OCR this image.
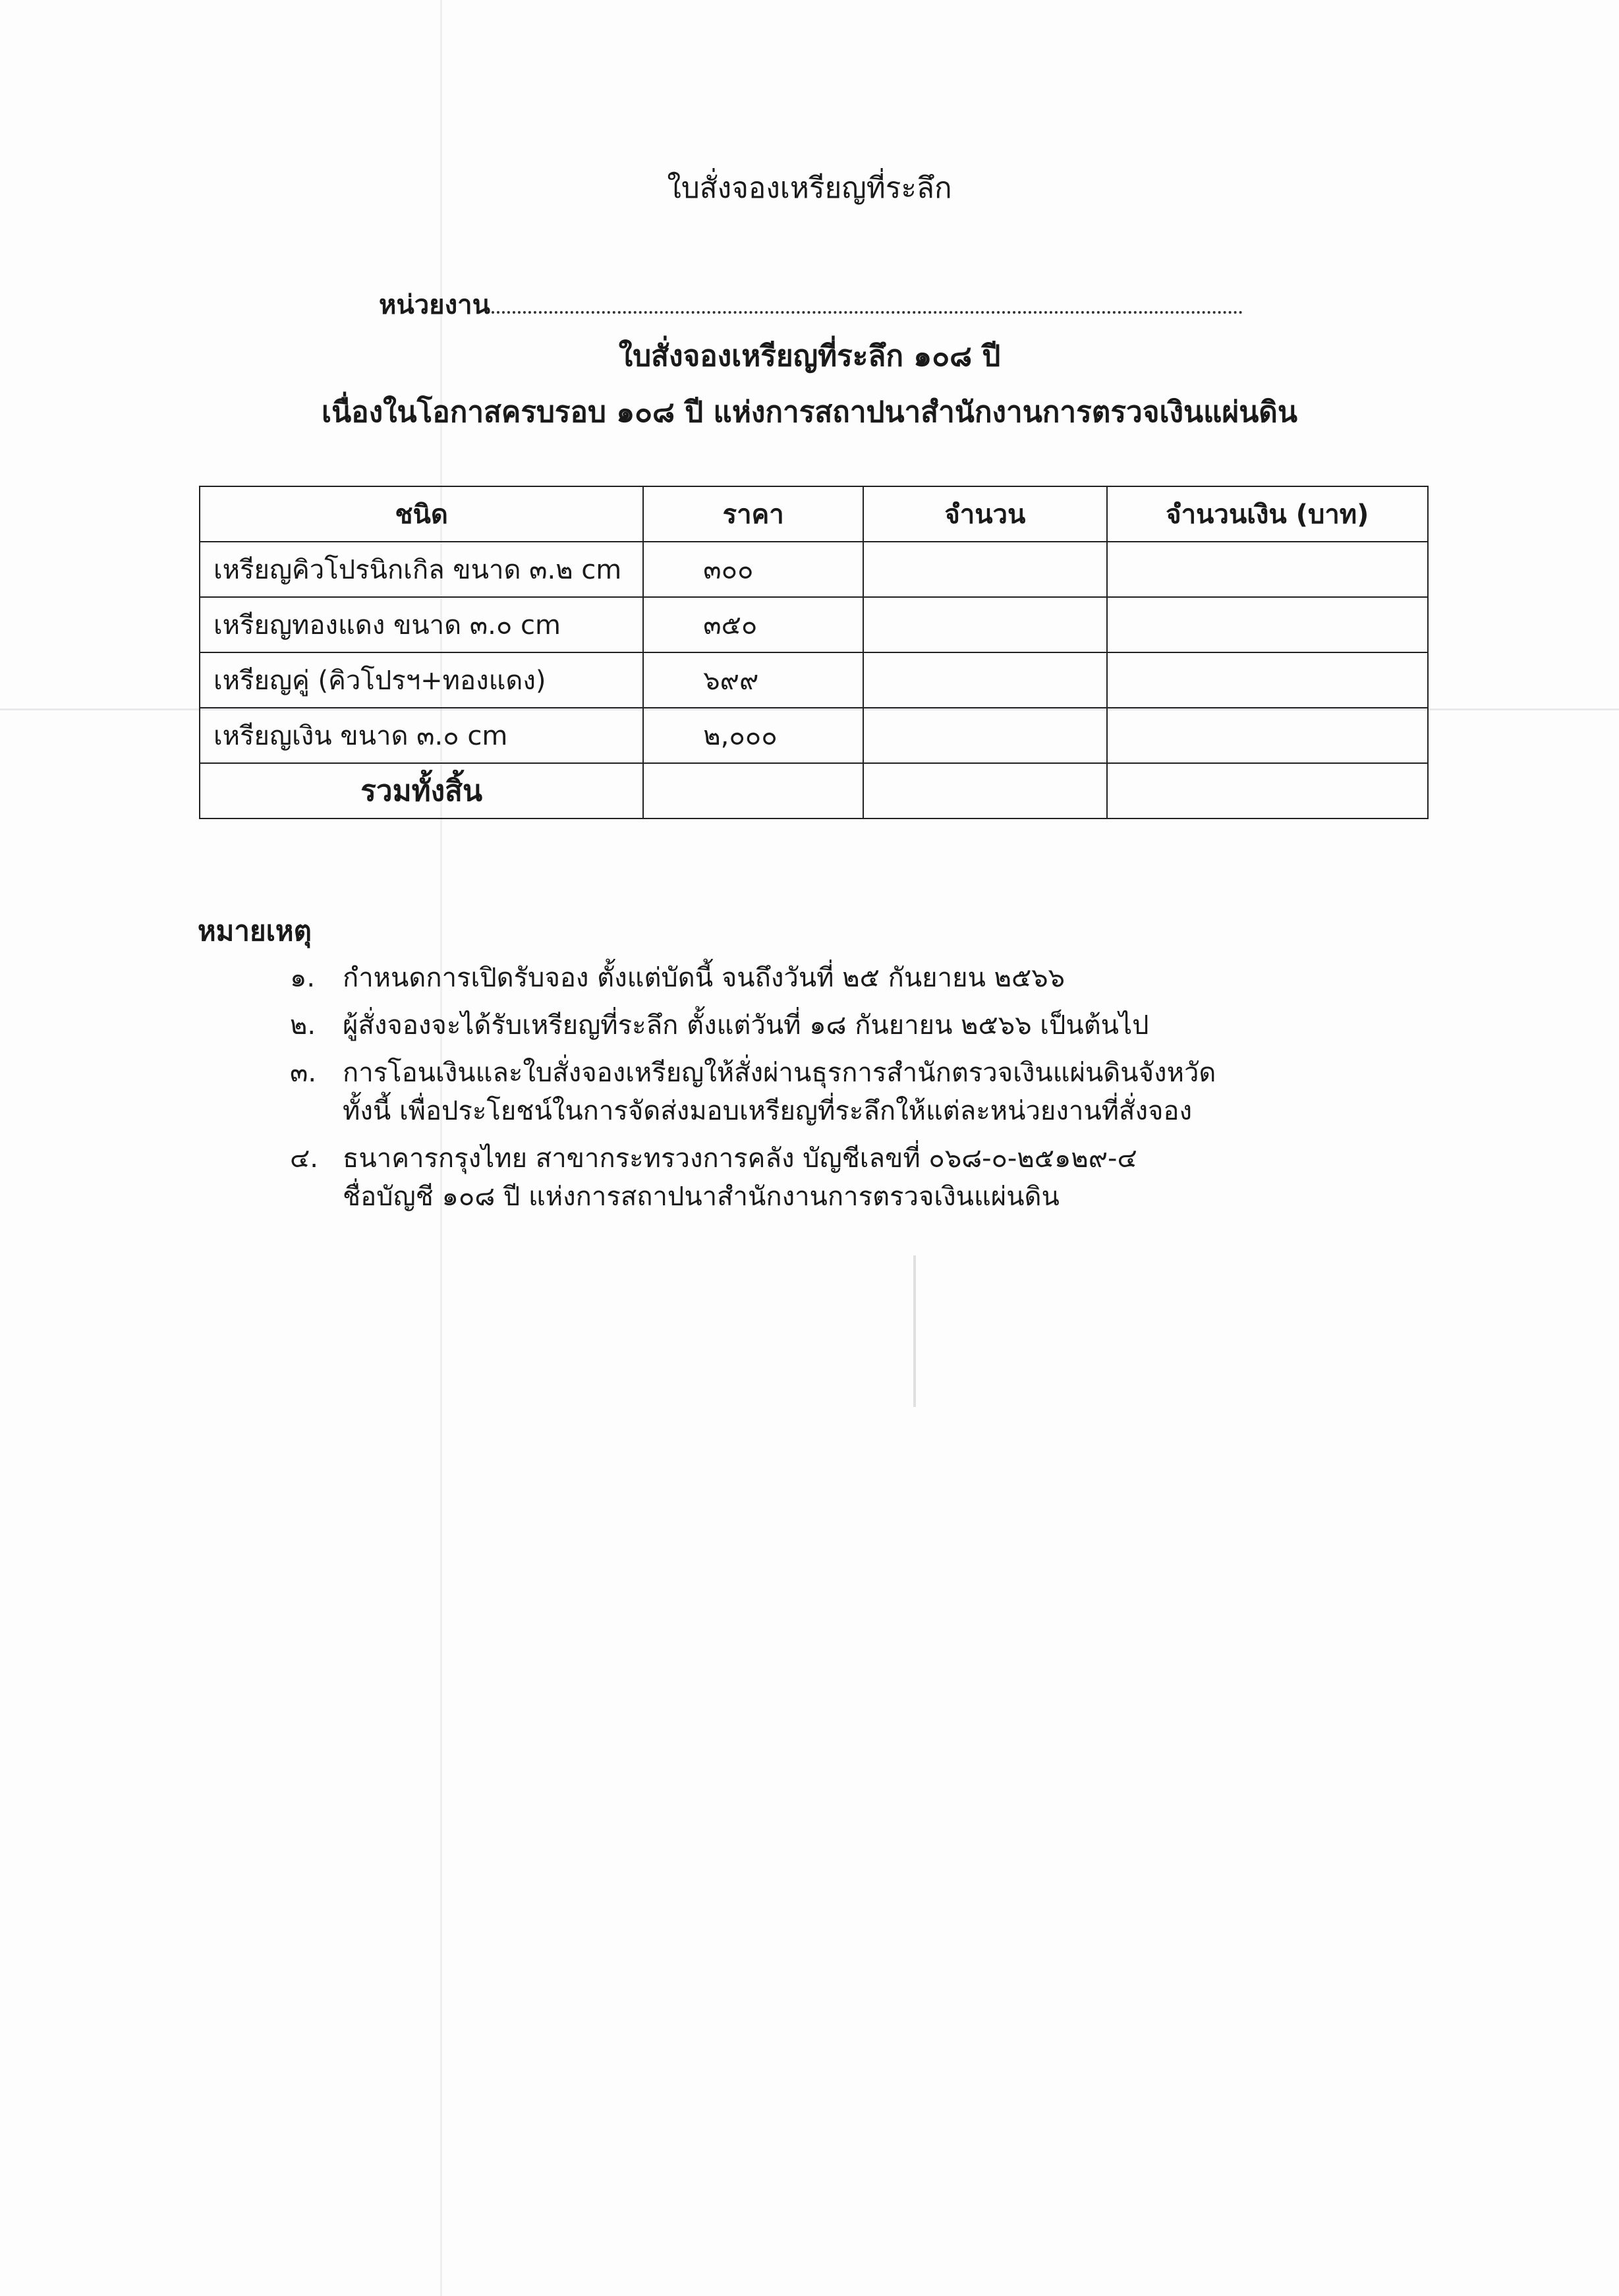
ใบสั่งจองเหรียญที่ระลึก
หน่วยงาน
ใบสั่งจองเหรียญที่ระลึก ๑๐๘ ปี
เนื่องในโอกาสครบรอบ ๑๐๘ ปี แห่งการสถาปนาสำนักงานการตรวจเงินแผ่นดิน
ชนิด	ราคา	จำนวน	จำนวนเงิน (บาท)
เหรียญคิวโปรนิกเกิล ขนาด ๓.๒ cm	๓๐๐		
เหรียญทองแดง ขนาด ๓.๐ cm	๓๕๐		
เหรียญคู่ (คิวโปรฯ+ทองแดง)	๖๙๙		
เหรียญเงิน ขนาด ๓.๐ cm	๒,๐๐๐		
รวมทั้งสิ้น			
หมายเหตุ
๑.	กำหนดการเปิดรับจอง ตั้งแต่บัดนี้ จนถึงวันที่ ๒๕ กันยายน ๒๕๖๖
๒.	ผู้สั่งจองจะได้รับเหรียญที่ระลึก ตั้งแต่วันที่ ๑๘ กันยายน ๒๕๖๖ เป็นต้นไป
๓. การโอนเงินและใบสั่งจองเหรียญให้สั่งผ่านธุรการสำนักตรวจเงินแผ่นดินจังหวัด
ทั้งนี้ เพื่อประโยชน์ในการจัดส่งมอบเหรียญที่ระลึกให้แต่ละหน่วยงานที่สั่งจอง
๔. ธนาคารกรุงไทย สาขากระทรวงการคลัง บัญชีเลขที่ ๐๖๘-๐-๒๕๑๒๙-๔
ชื่อบัญชี ๑๐๘ ปี แห่งการสถาปนาสำนักงานการตรวจเงินแผ่นดิน
